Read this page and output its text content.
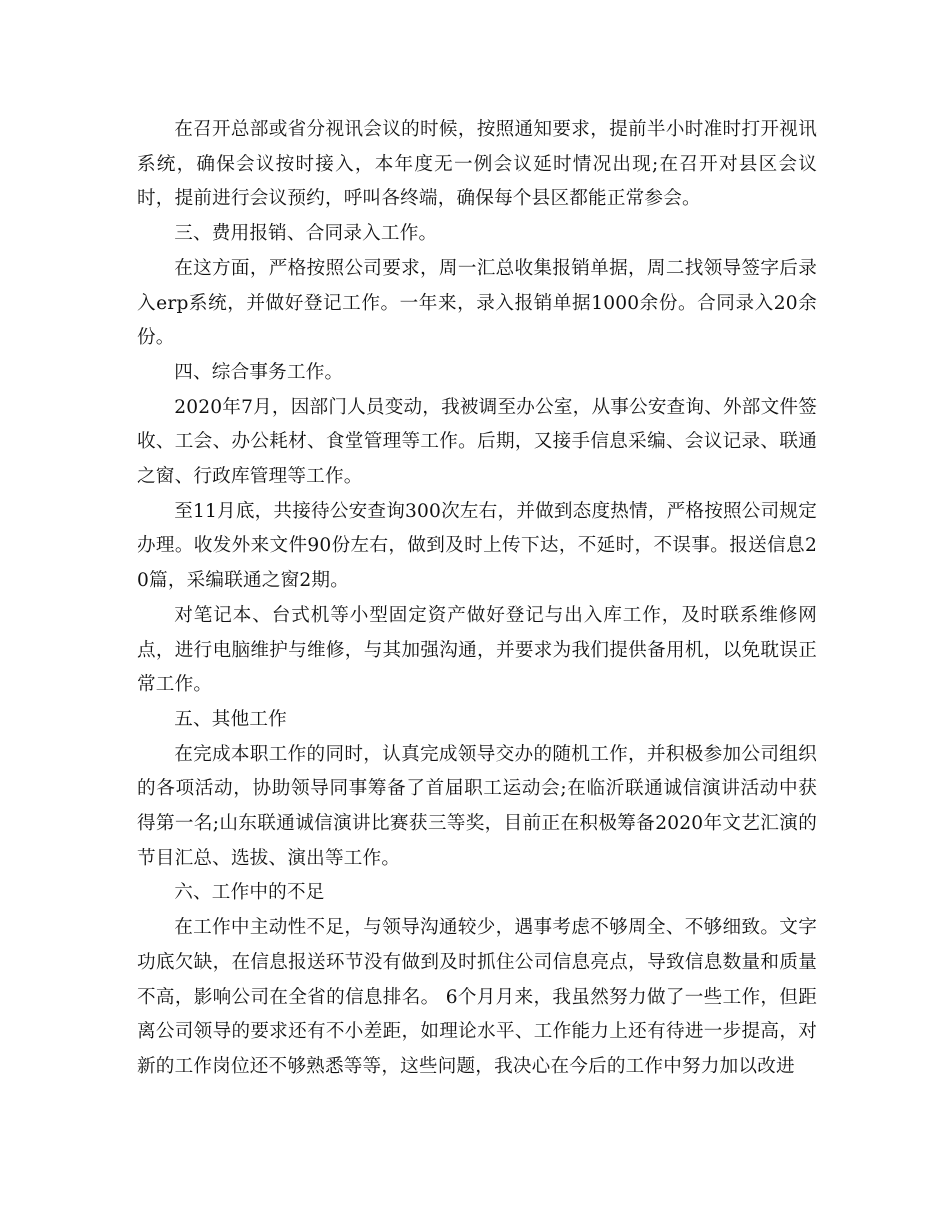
在召开总部或省分视讯会议的时候，按照通知要求，提前半小时准时打开视讯系统，确保会议按时接入，本年度无一例会议延时情况出现;在召开对县区会议时，提前进行会议预约，呼叫各终端，确保每个县区都能正常参会。

三、费用报销、合同录入工作。

在这方面，严格按照公司要求，周一汇总收集报销单据，周二找领导签字后录入erp系统，并做好登记工作。一年来，录入报销单据1000余份。合同录入20余份。

四、综合事务工作。

2020年7月，因部门人员变动，我被调至办公室，从事公安查询、外部文件签收、工会、办公耗材、食堂管理等工作。后期，又接手信息采编、会议记录、联通之窗、行政库管理等工作。

至11月底，共接待公安查询300次左右，并做到态度热情，严格按照公司规定办理。收发外来文件90份左右，做到及时上传下达，不延时，不误事。报送信息20篇，采编联通之窗2期。

对笔记本、台式机等小型固定资产做好登记与出入库工作，及时联系维修网点，进行电脑维护与维修，与其加强沟通，并要求为我们提供备用机，以免耽误正常工作。

五、其他工作

在完成本职工作的同时，认真完成领导交办的随机工作，并积极参加公司组织的各项活动，协助领导同事筹备了首届职工运动会;在临沂联通诚信演讲活动中获得第一名;山东联通诚信演讲比赛获三等奖，目前正在积极筹备2020年文艺汇演的节目汇总、选拔、演出等工作。

六、工作中的不足

在工作中主动性不足，与领导沟通较少，遇事考虑不够周全、不够细致。文字功底欠缺，在信息报送环节没有做到及时抓住公司信息亮点，导致信息数量和质量不高，影响公司在全省的信息排名。 6个月月来，我虽然努力做了一些工作，但距离公司领导的要求还有不小差距，如理论水平、工作能力上还有待进一步提高，对新的工作岗位还不够熟悉等等，这些问题，我决心在今后的工作中努力加以改进
